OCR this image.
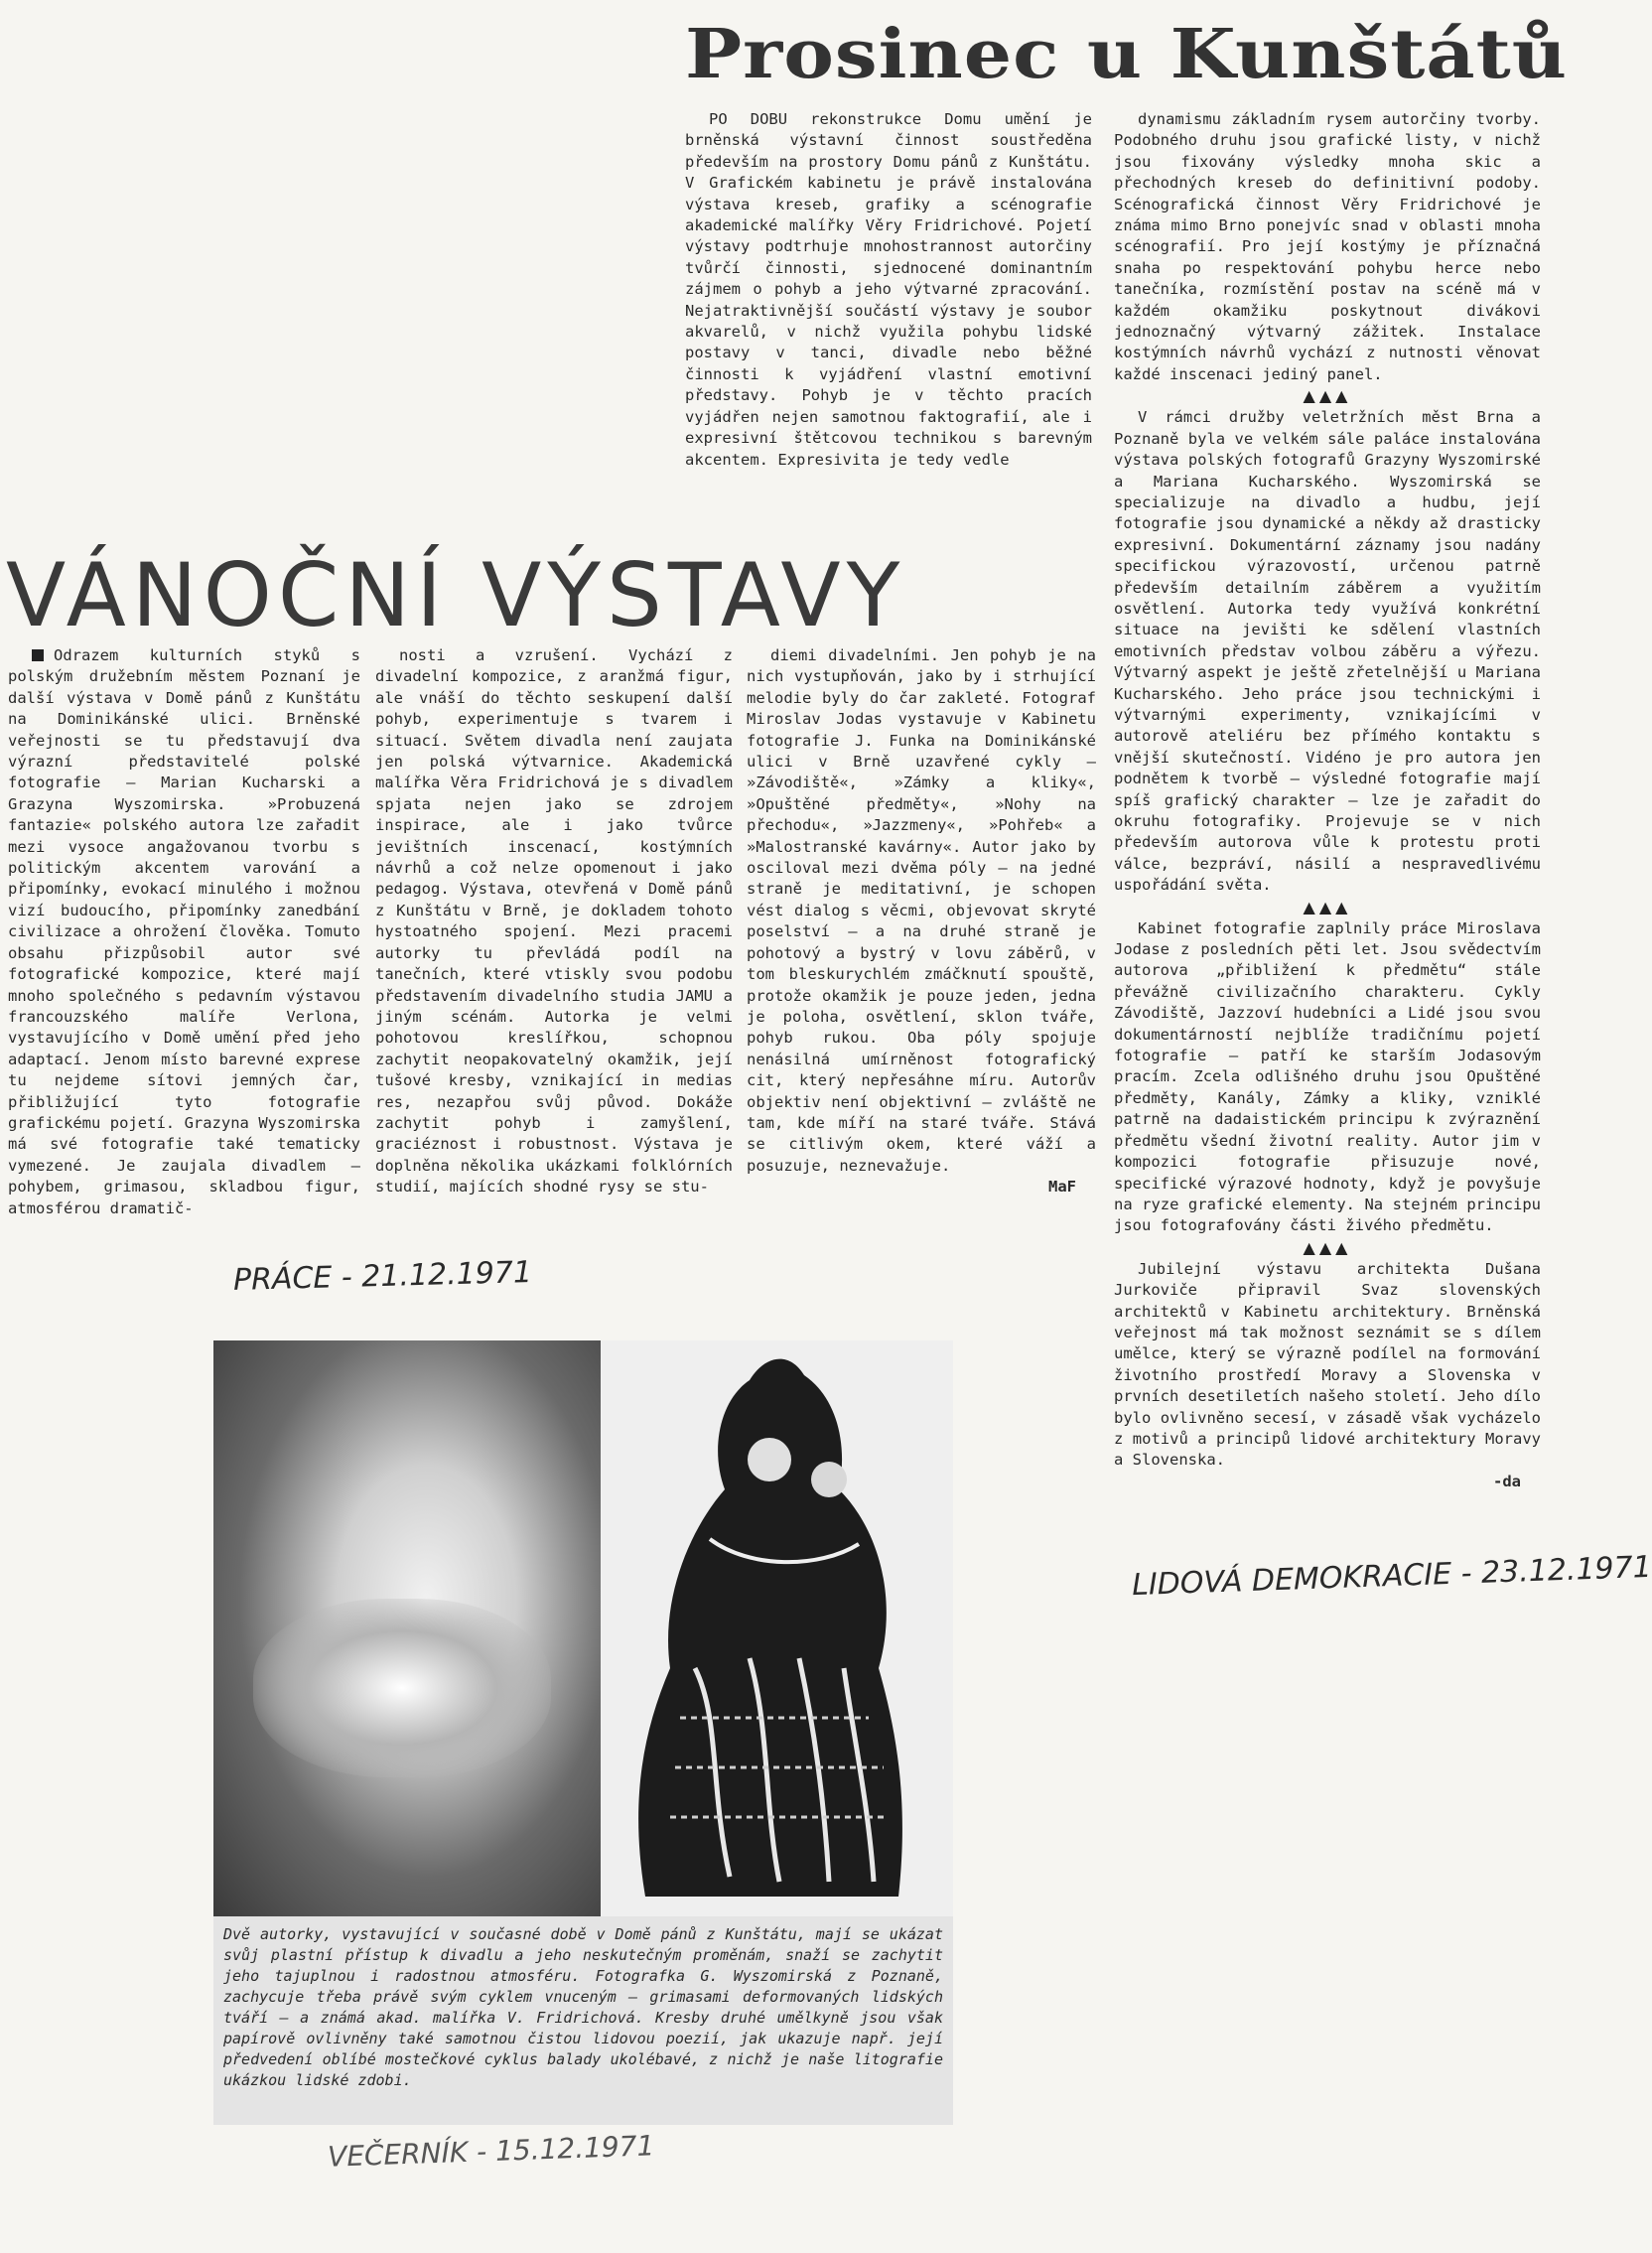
Prosinec u Kunštátů

PO DOBU rekonstrukce Domu umění je brněnská výstavní činnost soustředěna především na prostory Domu pánů z Kunštátu. V Grafickém kabinetu je právě instalována výstava kreseb, grafiky a scénografie akademické malířky Věry Fridrichové. Pojetí výstavy podtrhuje mnohostrannost autorčiny tvůrčí činnosti, sjednocené dominantním zájmem o pohyb a jeho výtvarné zpracování. Nejatraktivnější součástí výstavy je soubor akvarelů, v nichž využila pohybu lidské postavy v tanci, divadle nebo běžné činnosti k vyjádření vlastní emotivní představy. Pohyb je v těchto pracích vyjádřen nejen samotnou faktografií, ale i expresivní štětcovou technikou s barevným akcentem. Expresivita je tedy vedle

dynamismu základním rysem autorčiny tvorby. Podobného druhu jsou grafické listy, v nichž jsou fixovány výsledky mnoha skic a přechodných kreseb do definitivní podoby. Scénografická činnost Věry Fridrichové je známa mimo Brno ponejvíc snad v oblasti mnoha scénografií. Pro její kostýmy je příznačná snaha po respektování pohybu herce nebo tanečníka, rozmístění postav na scéně má v každém okamžiku poskytnout divákovi jednoznačný výtvarný zážitek. Instalace kostýmních návrhů vychází z nutnosti věnovat každé inscenaci jediný panel.

▲▲▲

V rámci družby veletržních měst Brna a Poznaně byla ve velkém sále paláce instalována výstava polských fotografů Grazyny Wyszomirské a Mariana Kucharského. Wyszomirská se specializuje na divadlo a hudbu, její fotografie jsou dynamické a někdy až drasticky expresivní. Dokumentární záznamy jsou nadány specifickou výrazovostí, určenou patrně především detailním záběrem a využitím osvětlení. Autorka tedy využívá konkrétní situace na jevišti ke sdělení vlastních emotivních představ volbou záběru a výřezu. Výtvarný aspekt je ještě zřetelnější u Mariana Kucharského. Jeho práce jsou technickými i výtvarnými experimenty, vznikajícími v autorově ateliéru bez přímého kontaktu s vnější skutečností. Vidéno je pro autora jen podnětem k tvorbě — výsledné fotografie mají spíš grafický charakter — lze je zařadit do okruhu fotografiky. Projevuje se v nich především autorova vůle k protestu proti válce, bezpráví, násilí a nespravedlivému uspořádání světa.

▲▲▲

Kabinet fotografie zaplnily práce Miroslava Jodase z posledních pěti let. Jsou svědectvím autorova „přibližení k předmětu“ stále převážně civilizačního charakteru. Cykly Závodiště, Jazzoví hudebníci a Lidé jsou svou dokumentárností nejblíže tradičnímu pojetí fotografie — patří ke starším Jodasovým pracím. Zcela odlišného druhu jsou Opuštěné předměty, Kanály, Zámky a kliky, vzniklé patrně na dadaistickém principu k zvýraznění předmětu všední životní reality. Autor jim v kompozici fotografie přisuzuje nové, specifické výrazové hodnoty, když je povyšuje na ryze grafické elementy. Na stejném principu jsou fotografovány části živého předmětu.

▲▲▲

Jubilejní výstavu architekta Dušana Jurkoviče připravil Svaz slovenských architektů v Kabinetu architektury. Brněnská veřejnost má tak možnost seznámit se s dílem umělce, který se výrazně podílel na formování životního prostředí Moravy a Slovenska v prvních desetiletích našeho století. Jeho dílo bylo ovlivněno secesí, v zásadě však vycházelo z motivů a principů lidové architektury Moravy a Slovenska.

-da

LIDOVÁ DEMOKRACIE - 23.12.1971

VÁNOČNÍ VÝSTAVY

Odrazem kulturních styků s polským družebním městem Poznaní je další výstava v Domě pánů z Kunštátu na Dominikánské ulici. Brněnské veřejnosti se tu představují dva výrazní představitelé polské fotografie — Marian Kucharski a Grazyna Wyszomirska. »Probuzená fantazie« polského autora lze zařadit mezi vysoce angažovanou tvorbu s politickým akcentem varování a připomínky, evokací minulého i možnou vizí budoucího, připomínky zanedbání civilizace a ohrožení člověka. Tomuto obsahu přizpůsobil autor své fotografické kompozice, které mají mnoho společného s pedavním výstavou francouzského malíře Verlona, vystavujícího v Domě umění před jeho adaptací. Jenom místo barevné exprese tu nejdeme sítovi jemných čar, přibližující tyto fotografie grafickému pojetí. Grazyna Wyszomirska má své fotografie také tematicky vymezené. Je zaujala divadlem — pohybem, grimasou, skladbou figur, atmosférou dramatič-

nosti a vzrušení. Vychází z divadelní kompozice, z aranžmá figur, ale vnáší do těchto seskupení další pohyb, experimentuje s tvarem i situací. Světem divadla není zaujata jen polská výtvarnice. Akademická malířka Věra Fridrichová je s divadlem spjata nejen jako se zdrojem inspirace, ale i jako tvůrce jevištních inscenací, kostýmních návrhů a což nelze opomenout i jako pedagog. Výstava, otevřená v Domě pánů z Kunštátu v Brně, je dokladem tohoto hystoatného spojení. Mezi pracemi autorky tu převládá podíl na tanečních, které vtiskly svou podobu představením divadelního studia JAMU a jiným scénám. Autorka je velmi pohotovou kreslířkou, schopnou zachytit neopakovatelný okamžik, její tušové kresby, vznikající in medias res, nezapřou svůj původ. Dokáže zachytit pohyb i zamyšlení, graciéznost i robustnost. Výstava je doplněna několika ukázkami folklórních studií, majících shodné rysy se stu-

diemi divadelními. Jen pohyb je na nich vystupňován, jako by i strhující melodie byly do čar zakleté. Fotograf Miroslav Jodas vystavuje v Kabinetu fotografie J. Funka na Dominikánské ulici v Brně uzavřené cykly — »Závodiště«, »Zámky a kliky«, »Opuštěné předměty«, »Nohy na přechodu«, »Jazzmeny«, »Pohřeb« a »Malostranské kavárny«. Autor jako by osciloval mezi dvěma póly — na jedné straně je meditativní, je schopen vést dialog s věcmi, objevovat skryté poselství — a na druhé straně je pohotový a bystrý v lovu záběrů, v tom bleskurychlém zmáčknutí spouště, protože okamžik je pouze jeden, jedna je poloha, osvětlení, sklon tváře, pohyb rukou. Oba póly spojuje nenásilná umírněnost fotografický cit, který nepřesáhne míru. Autorův objektiv není objektivní — zvláště ne tam, kde míří na staré tváře. Stává se citlivým okem, které váží a posuzuje, neznevažuje.

MaF

PRÁCE - 21.12.1971

Dvě autorky, vystavující v současné době v Domě pánů z Kunštátu, mají se ukázat svůj plastní přístup k divadlu a jeho neskutečným proměnám, snaží se zachytit jeho tajuplnou i radostnou atmosféru. Fotografka G. Wyszomirská z Poznaně, zachycuje třeba právě svým cyklem vnuceným — grimasami deformovaných lidských tváří — a známá akad. malířka V. Fridrichová. Kresby druhé umělkyně jsou však papírově ovlivněny také samotnou čistou lidovou poezií, jak ukazuje např. její předvedení oblíbé mostečkové cyklus balady ukolébavé, z nichž je naše litografie ukázkou lidské zdobi.

VEČERNÍK - 15.12.1971
